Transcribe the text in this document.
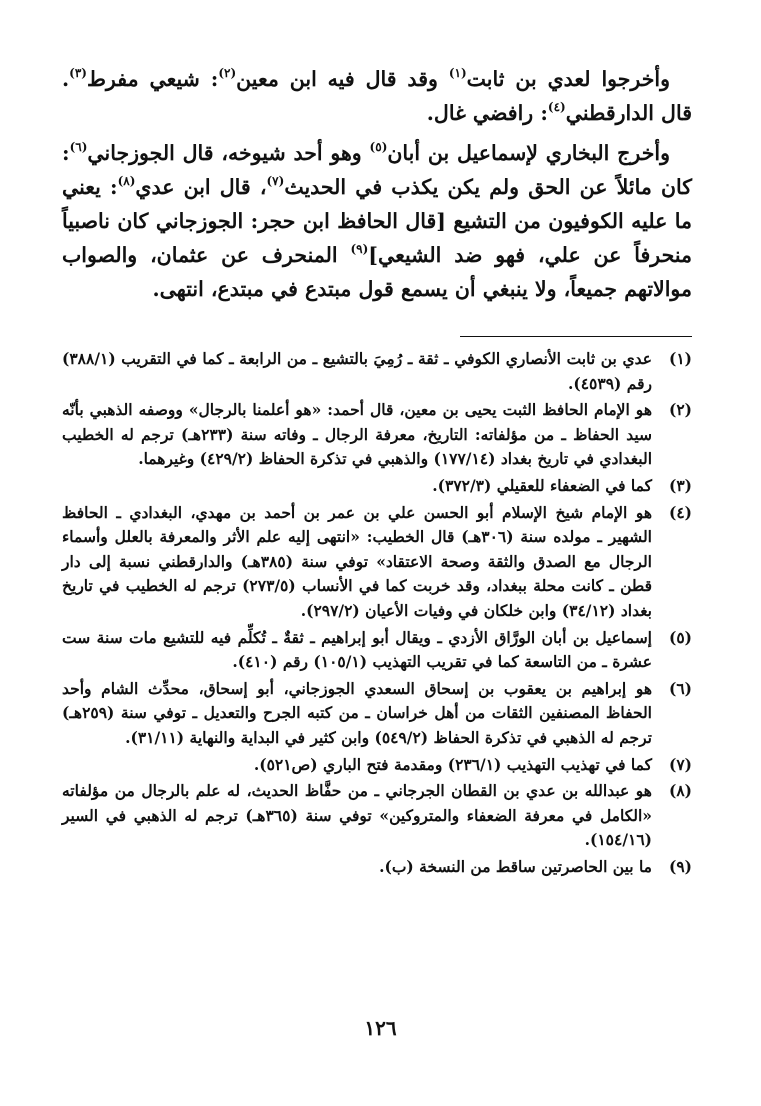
وأخرجوا لعدي بن ثابت$^{(١)}$ وقد قال فيه ابن معين$^{(٢)}$: شيعي مفرط$^{(٣)}$. قال الدارقطني$^{(٤)}$: رافضي غال.

وأخرج البخاري لإسماعيل بن أبان$^{(٥)}$ وهو أحد شيوخه، قال الجوزجاني$^{(٦)}$: كان مائلاً عن الحق ولم يكن يكذب في الحديث$^{(٧)}$، قال ابن عدي$^{(٨)}$: يعني ما عليه الكوفيون من التشيع [قال الحافظ ابن حجر: الجوزجاني كان ناصبياً منحرفاً عن علي، فهو ضد الشيعي]$^{(٩)}$ المنحرف عن عثمان، والصواب موالاتهم جميعاً، ولا ينبغي أن يسمع قول مبتدع في مبتدع، انتهى.

(١)
عدي بن ثابت الأنصاري الكوفي ـ ثقة ـ رُمِيَ بالتشيع ـ من الرابعة ـ كما في التقريب (٣٨٨/١) رقم (٤٥٣٩).
(٢)
هو الإمام الحافظ الثبت يحيى بن معين، قال أحمد: «هو أعلمنا بالرجال» ووصفه الذهبي بأنّه سيد الحفاظ ـ من مؤلفاته: التاريخ، معرفة الرجال ـ وفاته سنة (٢٣٣هـ) ترجم له الخطيب البغدادي في تاريخ بغداد (١٧٧/١٤) والذهبي في تذكرة الحفاظ (٤٢٩/٢) وغيرهما.
(٣)
كما في الضعفاء للعقيلي (٣٧٢/٣).
(٤)
هو الإمام شيخ الإسلام أبو الحسن علي بن عمر بن أحمد بن مهدي، البغدادي ـ الحافظ الشهير ـ مولده سنة (٣٠٦هـ) قال الخطيب: «انتهى إليه علم الأثر والمعرفة بالعلل وأسماء الرجال مع الصدق والثقة وصحة الاعتقاد» توفي سنة (٣٨٥هـ) والدارقطني نسبة إلى دار قطن ـ كانت محلة ببغداد، وقد خربت كما في الأنساب (٢٧٣/٥) ترجم له الخطيب في تاريخ بغداد (٣٤/١٢) وابن خلكان في وفيات الأعيان (٢٩٧/٢).
(٥)
إسماعيل بن أبان الورَّاق الأزدي ـ ويقال أبو إبراهيم ـ ثقةٌ ـ تُكلِّم فيه للتشيع مات سنة ست عشرة ـ من التاسعة كما في تقريب التهذيب (١٠٥/١) رقم (٤١٠).
(٦)
هو إبراهيم بن يعقوب بن إسحاق السعدي الجوزجاني، أبو إسحاق، محدِّث الشام وأحد الحفاظ المصنفين الثقات من أهل خراسان ـ من كتبه الجرح والتعديل ـ توفي سنة (٢٥٩هـ) ترجم له الذهبي في تذكرة الحفاظ (٥٤٩/٢) وابن كثير في البداية والنهاية (٣١/١١).
(٧)
كما في تهذيب التهذيب (٢٣٦/١) ومقدمة فتح الباري (ص٥٢١).
(٨)
هو عبدالله بن عدي بن القطان الجرجاني ـ من حفَّاظ الحديث، له علم بالرجال من مؤلفاته «الكامل في معرفة الضعفاء والمتروكين» توفي سنة (٣٦٥هـ) ترجم له الذهبي في السير (١٥٤/١٦).
(٩)
ما بين الحاصرتين ساقط من النسخة (ب).
١٢٦
